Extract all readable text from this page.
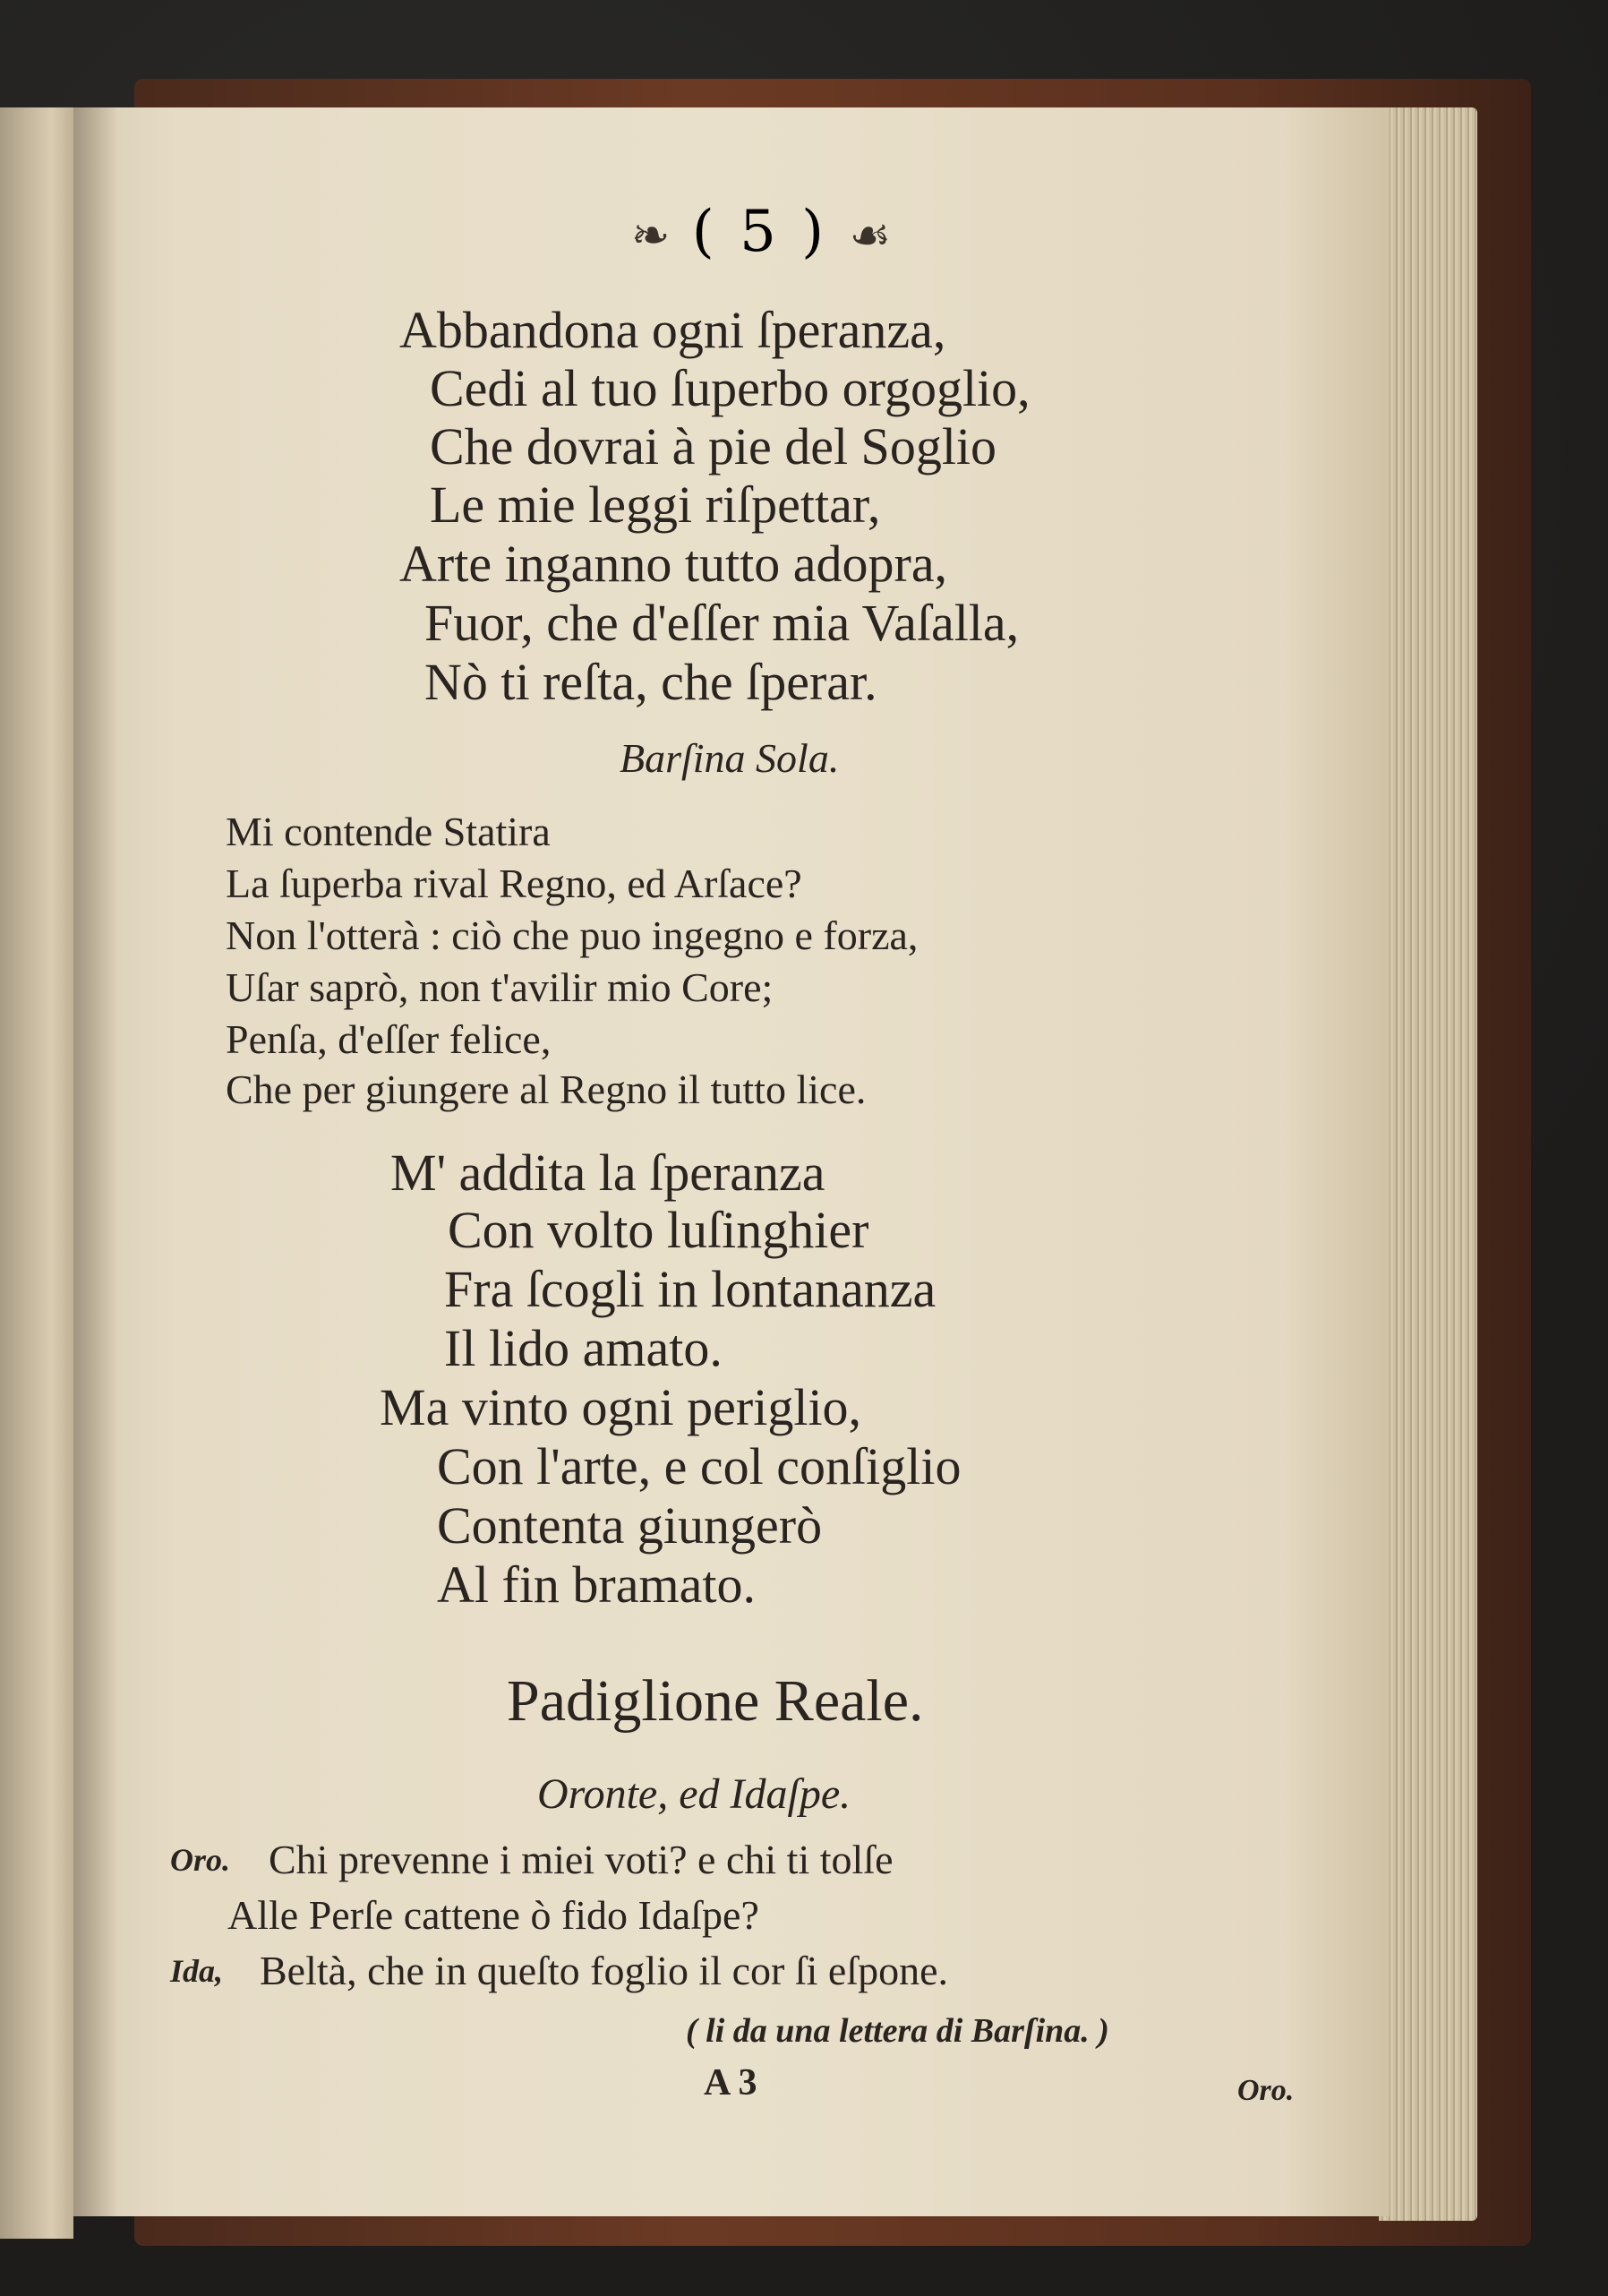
❧ ( 5 ) ☙
Abbandona ogni ſperanza,
Cedi al tuo ſuperbo orgoglio,
Che dovrai à pie del Soglio
Le mie leggi riſpettar,
Arte inganno tutto adopra,
Fuor, che d'eſſer mia Vaſalla,
Nò ti reſta, che ſperar.
Barſina Sola.
Mi contende Statira
La ſuperba rival Regno, ed Arſace?
Non l'otterà : ciò che puo ingegno e forza,
Uſar saprò, non t'avilir mio Core;
Penſa, d'eſſer felice,
Che per giungere al Regno il tutto lice.
M' addita la ſperanza
Con volto luſinghier
Fra ſcogli in lontananza
Il lido amato.
Ma vinto ogni periglio,
Con l'arte, e col conſiglio
Contenta giungerò
Al fin bramato.
Padiglione Reale.
Oronte, ed Idaſpe.
Oro. Chi prevenne i miei voti? e chi ti tolſe
Alle Perſe cattene ò fido Idaſpe?
Ida, Beltà, che in queſto foglio il cor ſi eſpone.
( li da una lettera di Barſina. )
A 3	Oro.
